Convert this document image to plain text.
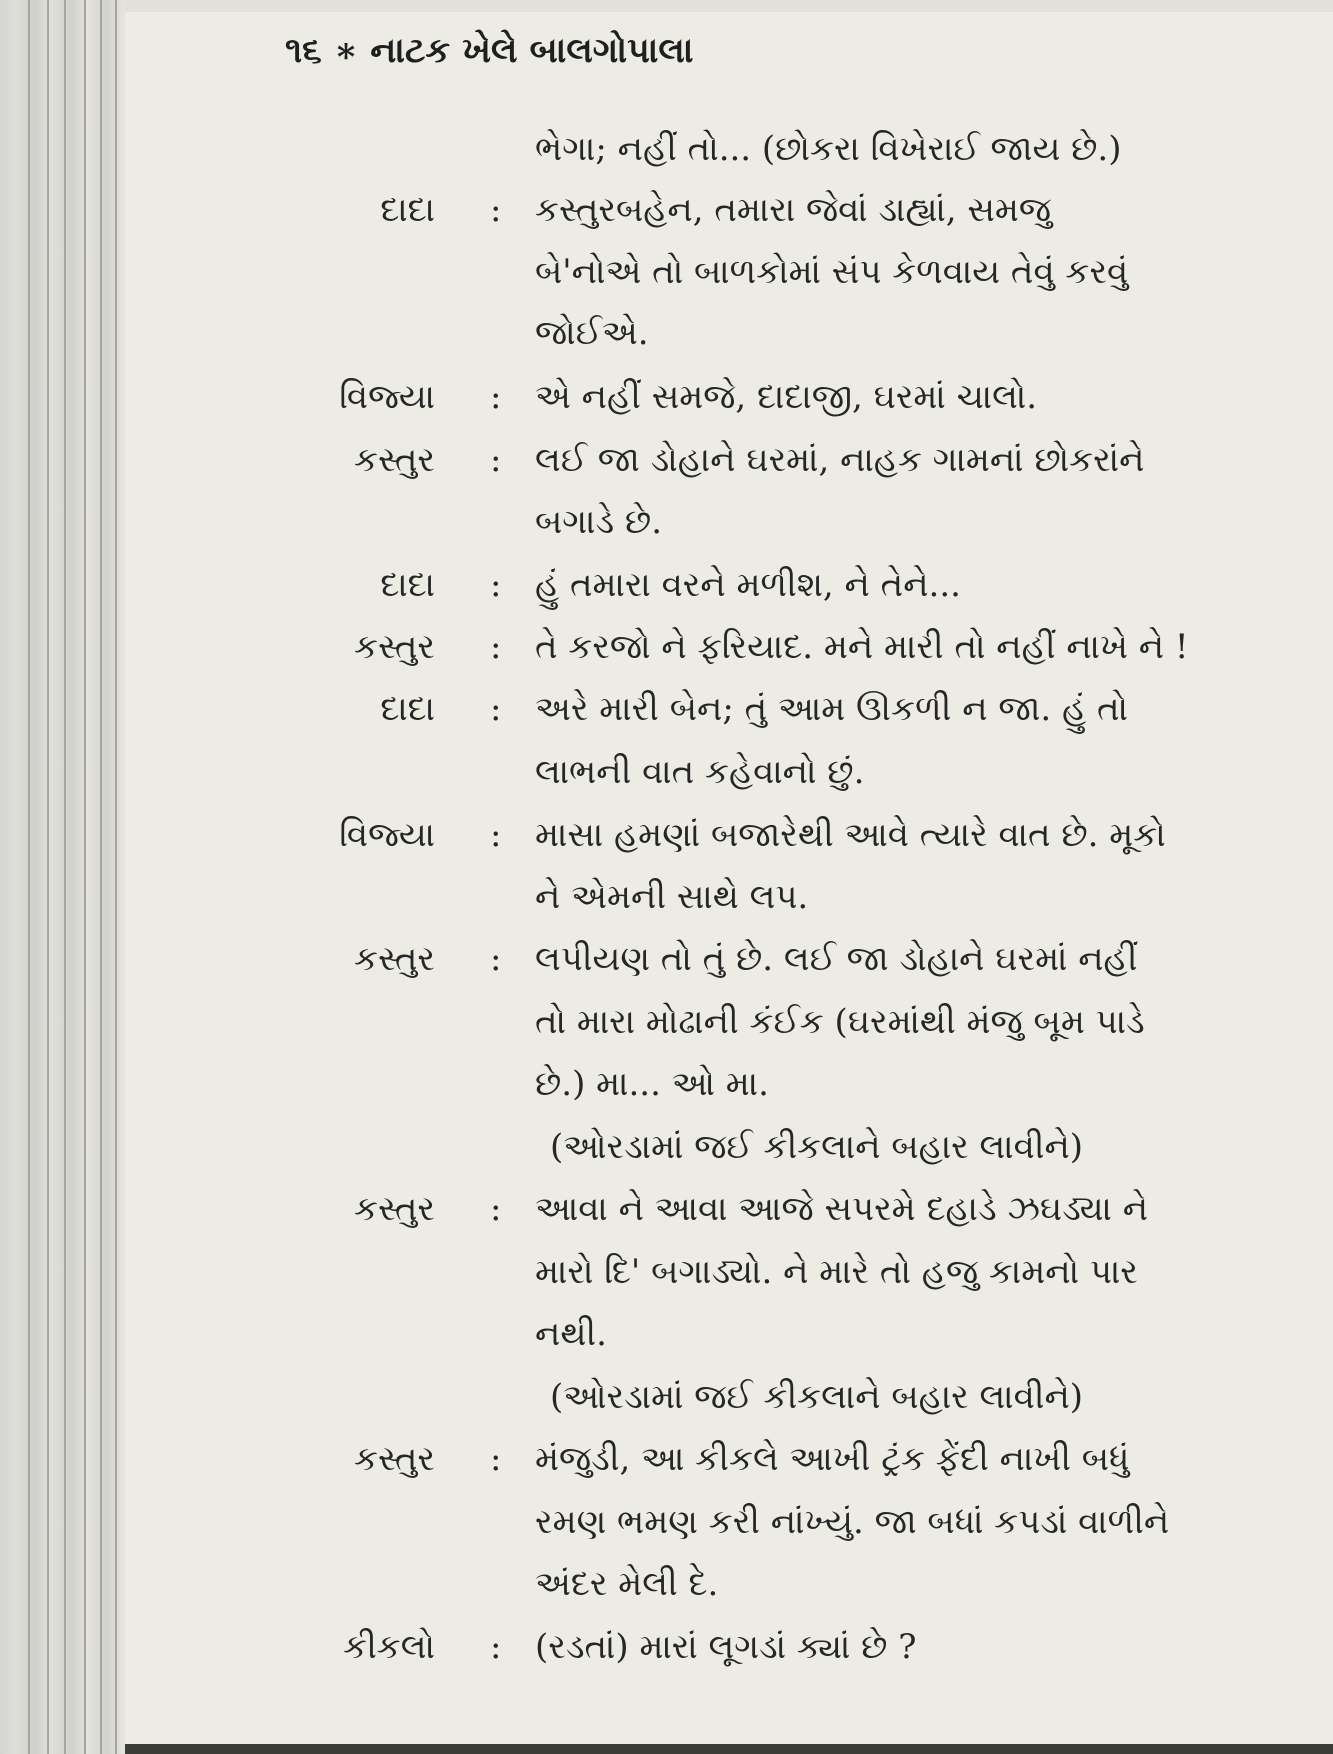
૧૬ ∗ નાટક ખેલે બાલગોપાલા
ભેગા; નહીં તો... (છોકરા વિખેરાઈ જાય છે.)
દાદા : કસ્તુરબહેન, તમારા જેવાં ડાહ્યાં, સમજુ
બે'નોએ તો બાળકોમાં સંપ કેળવાય તેવું કરવું
જોઈએ.
વિજ્યા : એ નહીં સમજે, દાદાજી, ઘરમાં ચાલો.
કસ્તુર : લઈ જા ડોહાને ઘરમાં, નાહક ગામનાં છોકરાંને
બગાડે છે.
દાદા : હું તમારા વરને મળીશ, ને તેને...
કસ્તુર : તે કરજો ને ફરિયાદ. મને મારી તો નહીં નાખે ને !
દાદા : અરે મારી બેન; તું આમ ઊકળી ન જા. હું તો
લાભની વાત કહેવાનો છું.
વિજ્યા : માસા હમણાં બજારેથી આવે ત્યારે વાત છે. મૂકો
ને એમની સાથે લપ.
કસ્તુર : લપીયણ તો તું છે. લઈ જા ડોહાને ઘરમાં નહીં
તો મારા મોઢાની કંઈક (ઘરમાંથી મંજુ બૂમ પાડે
છે.) મા... ઓ મા.
(ઓરડામાં જઈ કીકલાને બહાર લાવીને)
કસ્તુર : આવા ને આવા આજે સપરમે દહાડે ઝઘડ્યા ને
મારો દિ' બગાડ્યો. ને મારે તો હજુ કામનો પાર
નથી.
(ઓરડામાં જઈ કીકલાને બહાર લાવીને)
કસ્તુર : મંજુડી, આ કીકલે આખી ટ્રંક ફેંદી નાખી બધું
રમણ ભમણ કરી નાંખ્યું. જા બધાં કપડાં વાળીને
અંદર મેલી દે.
કીકલો : (રડતાં) મારાં લૂગડાં ક્યાં છે ?
